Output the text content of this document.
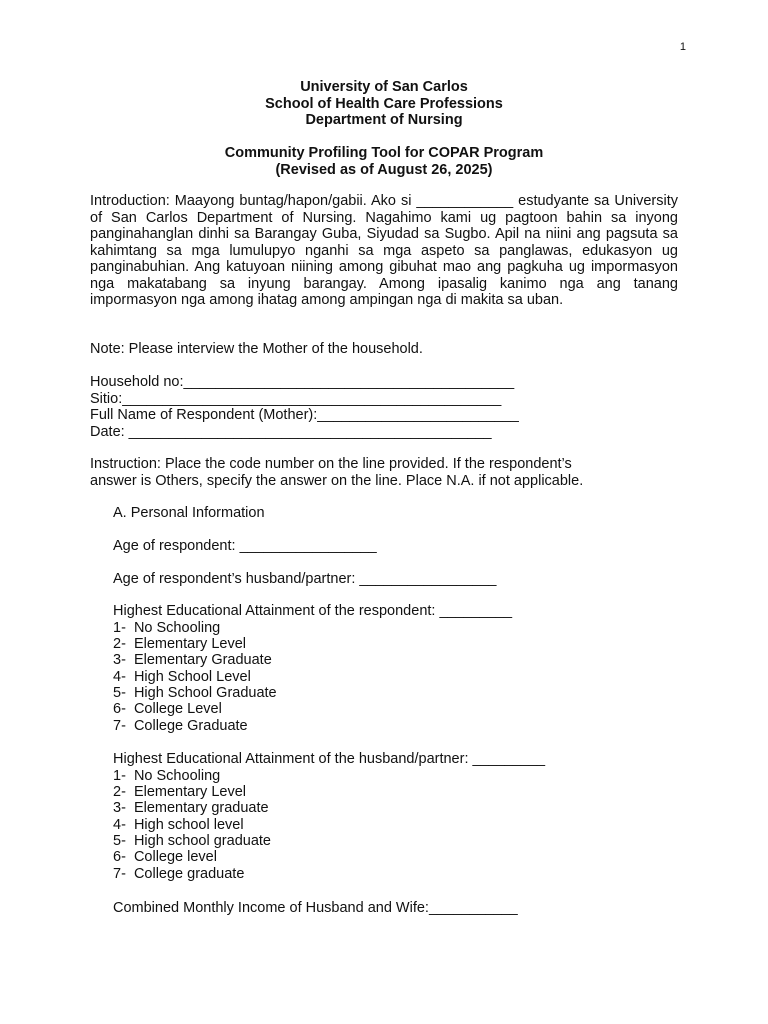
1
University of San Carlos
School of Health Care Professions
Department of Nursing
Community Profiling Tool for COPAR Program
(Revised as of August 26, 2025)
Introduction: Maayong buntag/hapon/gabii. Ako si ____________ estudyante sa University of San Carlos Department of Nursing. Nagahimo kami ug pagtoon bahin sa inyong panginahanglan dinhi sa Barangay Guba, Siyudad sa Sugbo. Apil na niini ang pagsuta sa kahimtang sa mga lumulupyo nganhi sa mga aspeto sa panglawas, edukasyon ug panginabuhian. Ang katuyoan niining among gibuhat mao ang pagkuha ug impormasyon nga makatabang sa inyung barangay. Among ipasalig kanimo nga ang tanang impormasyon nga among ihatag among ampingan nga di makita sa uban.
Note: Please interview the Mother of the household.
Household no:_________________________________________
Sitio:_______________________________________________
Full Name of Respondent (Mother):_________________________
Date: _____________________________________________
Instruction: Place the code number on the line provided. If the respondent’s
answer is Others, specify the answer on the line. Place N.A. if not applicable.
A. Personal Information
Age of respondent: _________________
Age of respondent’s husband/partner: _________________
Highest Educational Attainment of the respondent: _________
1-  No Schooling
2-  Elementary Level
3-  Elementary Graduate
4-  High School Level
5-  High School Graduate
6-  College Level
7-  College Graduate
Highest Educational Attainment of the husband/partner: _________
1-  No Schooling
2-  Elementary Level
3-  Elementary graduate
4-  High school level
5-  High school graduate
6-  College level
7-  College graduate
Combined Monthly Income of Husband and Wife:___________
